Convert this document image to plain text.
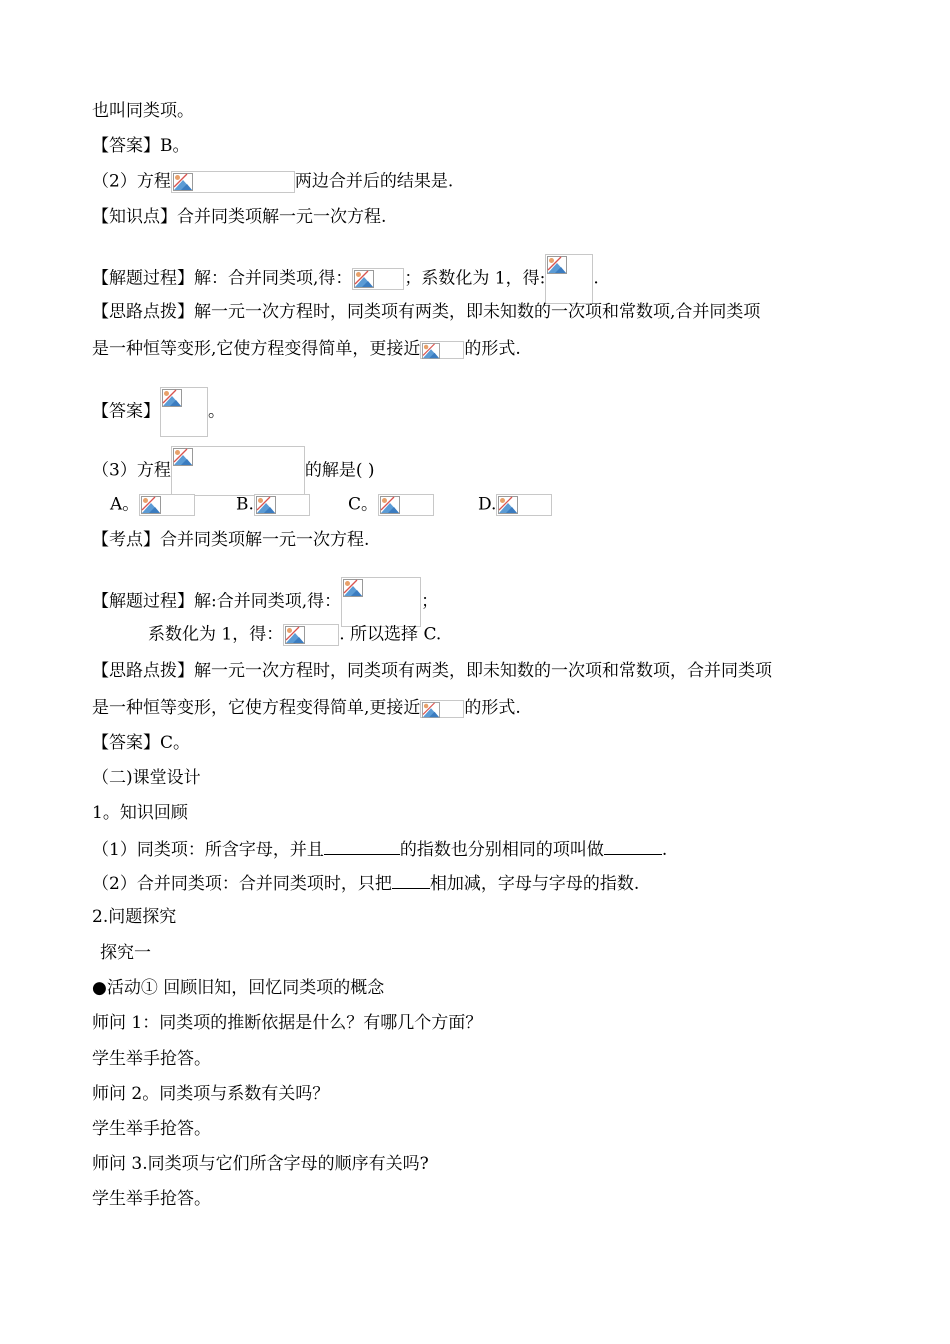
也叫同类项。
【答案】B。
（2）方程	两边合并后的结果是.
【知识点】合并同类项解一元一次方程.
【解题过程】解：合并同类项,得：	；系数化为 1，得:	.
【思路点拨】解一元一次方程时，同类项有两类，即未知数的一次项和常数项,合并同类项
是一种恒等变形,它使方程变得简单，更接近	的形式.
【答案】	。
（3）方程	的解是( )
A。	B.	C。	D.
【考点】合并同类项解一元一次方程.
【解题过程】解:合并同类项,得：	；
系数化为 1，得：	. 所以选择 C.
【思路点拨】解一元一次方程时，同类项有两类，即未知数的一次项和常数项，合并同类项
是一种恒等变形，它使方程变得简单,更接近	的形式.
【答案】C。
（二)课堂设计
1。知识回顾
（1）同类项：所含字母，并且	的指数也分别相同的项叫做	.
（2）合并同类项：合并同类项时，只把 相加减，字母与字母的指数.
2.问题探究
探究一
●活动① 回顾旧知，回忆同类项的概念
师问 1：同类项的推断依据是什么？有哪几个方面？
学生举手抢答。
师问 2。同类项与系数有关吗？
学生举手抢答。
师问 3.同类项与它们所含字母的顺序有关吗?
学生举手抢答。
